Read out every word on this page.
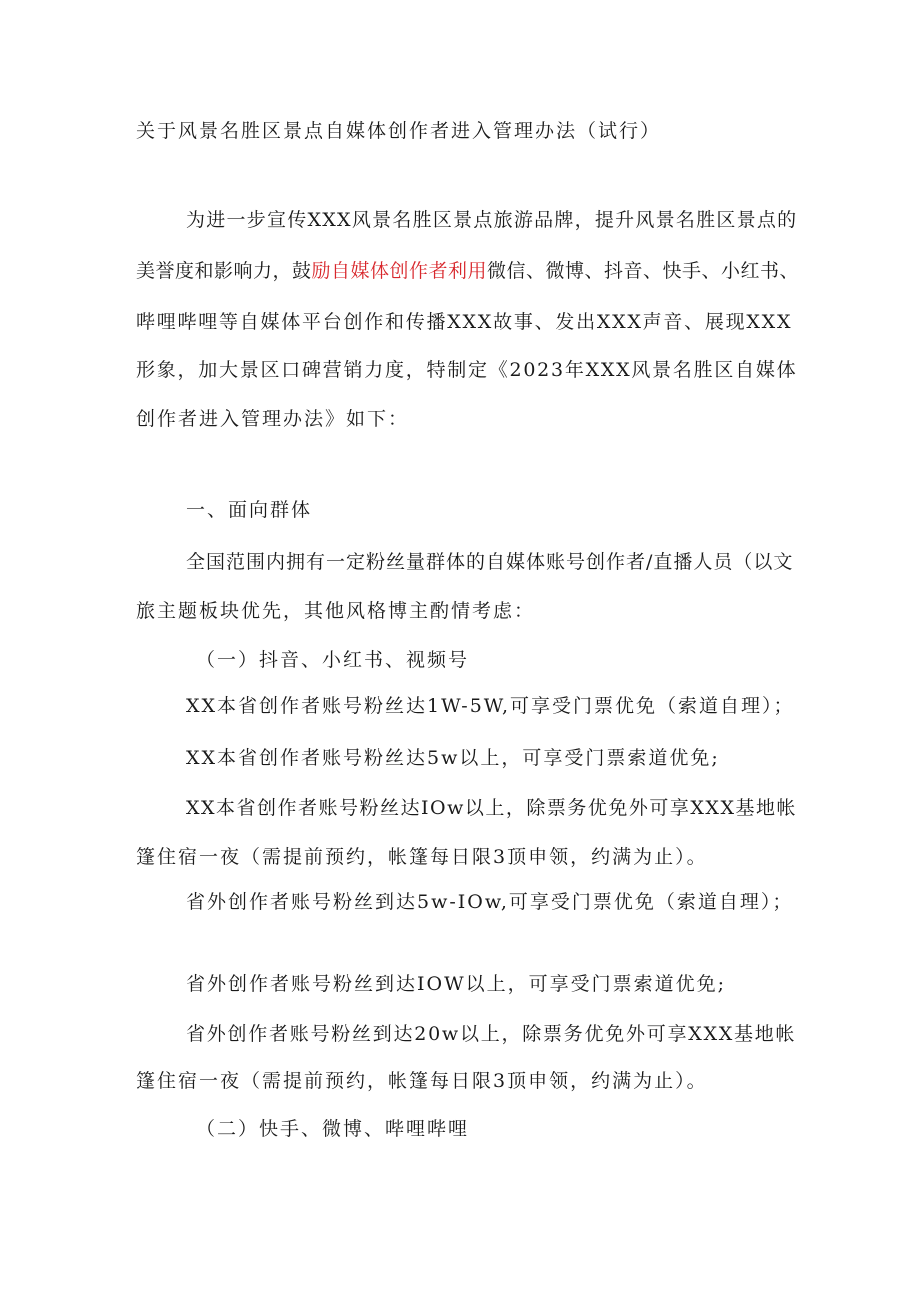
关于风景名胜区景点自媒体创作者进入管理办法（试行）
为进一步宣传XXX风景名胜区景点旅游品牌，提升风景名胜区景点的
美誉度和影响力，鼓励自媒体创作者利用微信、微博、抖音、快手、小红书、
哔哩哔哩等自媒体平台创作和传播XXX故事、发出XXX声音、展现XXX
形象，加大景区口碑营销力度，特制定《2023年XXX风景名胜区自媒体
创作者进入管理办法》如下：
一、面向群体
全国范围内拥有一定粉丝量群体的自媒体账号创作者/直播人员（以文
旅主题板块优先，其他风格博主酌情考虑：
（一）抖音、小红书、视频号
XX本省创作者账号粉丝达1W-5W,可享受门票优免（索道自理）；
XX本省创作者账号粉丝达5w以上，可享受门票索道优免;
XX本省创作者账号粉丝达IOw以上，除票务优免外可享XXX基地帐
篷住宿一夜（需提前预约，帐篷每日限3顶申领，约满为止）。
省外创作者账号粉丝到达5w-IOw,可享受门票优免（索道自理）；
省外创作者账号粉丝到达IOW以上，可享受门票索道优免;
省外创作者账号粉丝到达20w以上，除票务优免外可享XXX基地帐
篷住宿一夜（需提前预约，帐篷每日限3顶申领，约满为止）。
（二）快手、微博、哔哩哔哩
